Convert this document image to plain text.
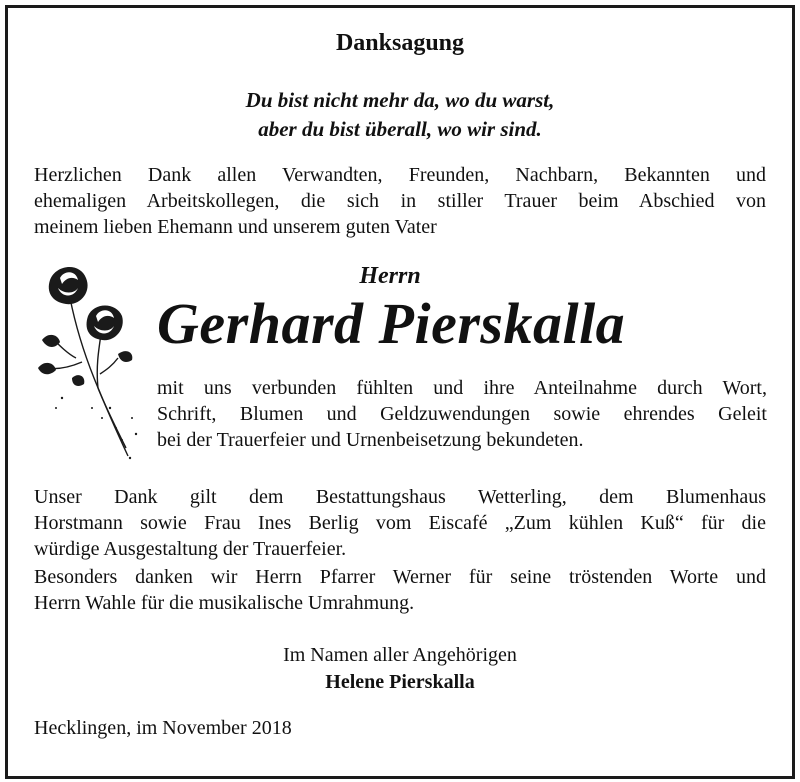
Danksagung
Du bist nicht mehr da, wo du warst,
aber du bist überall, wo wir sind.
Herzlichen Dank allen Verwandten, Freunden, Nachbarn, Bekannten und
ehemaligen Arbeitskollegen, die sich in stiller Trauer beim Abschied von
meinem lieben Ehemann und unserem guten Vater
Herrn
Gerhard Pierskalla
mit uns verbunden fühlten und ihre Anteilnahme durch Wort,
Schrift, Blumen und Geldzuwendungen sowie ehrendes Geleit
bei der Trauerfeier und Urnenbeisetzung bekundeten.
Unser Dank gilt dem Bestattungshaus Wetterling, dem Blumenhaus
Horstmann sowie Frau Ines Berlig vom Eiscafé „Zum kühlen Kuß“ für die
würdige Ausgestaltung der Trauerfeier.
Besonders danken wir Herrn Pfarrer Werner für seine tröstenden Worte und
Herrn Wahle für die musikalische Umrahmung.
Im Namen aller Angehörigen
Helene Pierskalla
Hecklingen, im November 2018
